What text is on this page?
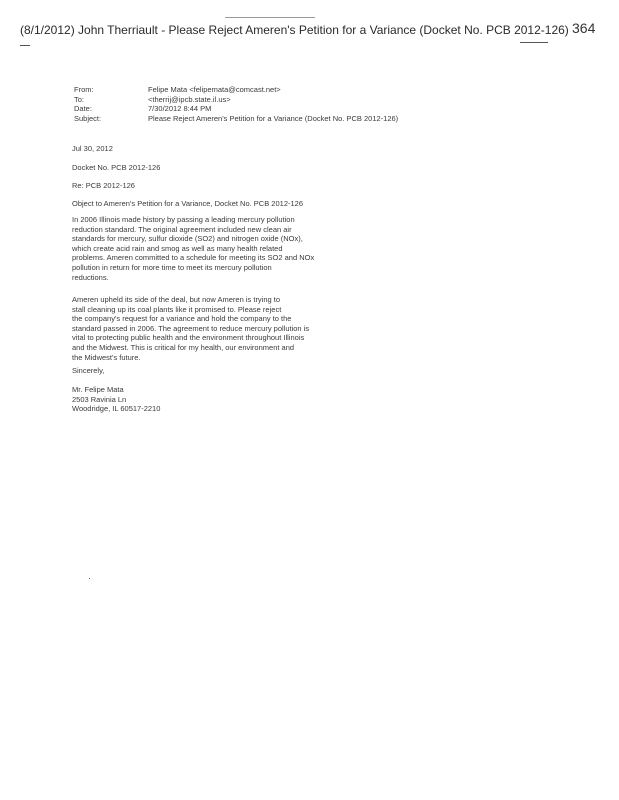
364
(8/1/2012) John Therriault - Please Reject Ameren's Petition for a Variance (Docket No. PCB 2012-126)
From:	Felipe Mata <felipemata@comcast.net>
To:	<therrij@ipcb.state.il.us>
Date:	7/30/2012 8:44 PM
Subject:	Please Reject Ameren's Petition for a Variance (Docket No. PCB 2012-126)
Jul 30, 2012
Docket No. PCB 2012-126
Re: PCB 2012-126
Object to Ameren's Petition for a Variance, Docket No. PCB 2012-126
In 2006 Illinois made history by passing a leading mercury pollution
reduction standard. The original agreement included new clean air
standards for mercury, sulfur dioxide (SO2) and nitrogen oxide (NOx),
which create acid rain and smog as well as many health related
problems. Ameren committed to a schedule for meeting its SO2 and NOx
pollution in return for more time to meet its mercury pollution
reductions.
Ameren upheld its side of the deal, but now Ameren is trying to
stall cleaning up its coal plants like it promised to. Please reject
the company's request for a variance and hold the company to the
standard passed in 2006. The agreement to reduce mercury pollution is
vital to protecting public health and the environment throughout Illinois
and the Midwest. This is critical for my health, our environment and
the Midwest's future.
Sincerely,
Mr. Felipe Mata
2503 Ravinia Ln
Woodridge, IL 60517-2210
